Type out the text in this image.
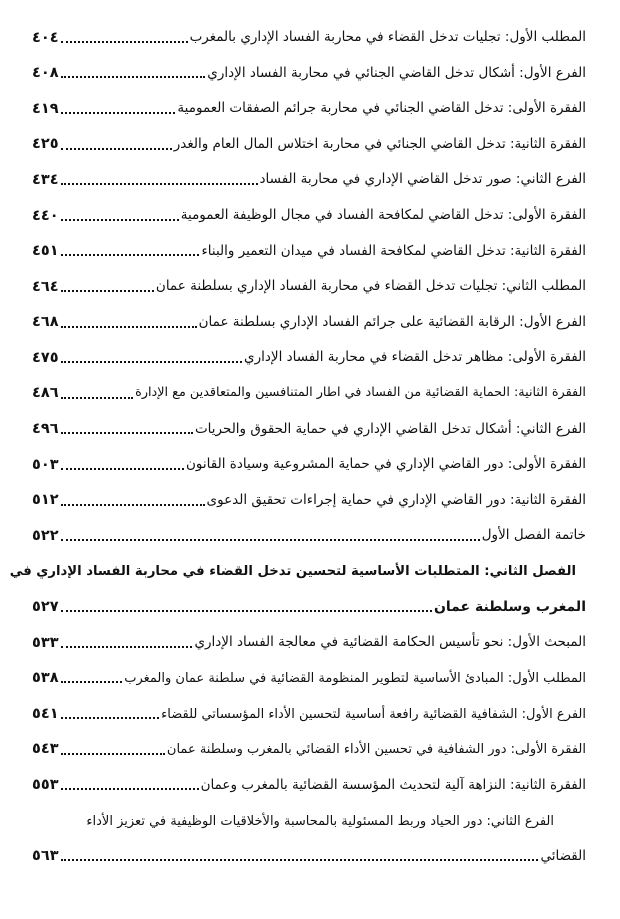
المطلب الأول: تجليات تدخل القضاء في محاربة الفساد الإداري بالمغرب
٤٠٤
الفرع الأول: أشكال تدخل القاضي الجنائي في محاربة الفساد الإداري
٤٠٨
الفقرة الأولى: تدخل القاضي الجنائي في محاربة جرائم الصفقات العمومية
٤١٩
الفقرة الثانية: تدخل القاضي الجنائي في محاربة اختلاس المال العام والغدر
٤٢٥
الفرع الثاني: صور تدخل القاضي الإداري في محاربة الفساد
٤٣٤
الفقرة الأولى: تدخل القاضي لمكافحة الفساد في مجال الوظيفة العمومية
٤٤٠
الفقرة الثانية: تدخل القاضي لمكافحة الفساد في ميدان التعمير والبناء
٤٥١
المطلب الثاني: تجليات تدخل القضاء في محاربة الفساد الإداري بسلطنة عمان
٤٦٤
الفرع الأول: الرقابة القضائية على جرائم الفساد الإداري بسلطنة عمان
٤٦٨
الفقرة الأولى: مظاهر تدخل القضاء في محاربة الفساد الإداري
٤٧٥
الفقرة الثانية: الحماية القضائية من الفساد في اطار المتنافسين والمتعاقدين مع الإدارة
٤٨٦
الفرع الثاني: أشكال تدخل القاضي الإداري في حماية الحقوق والحريات
٤٩٦
الفقرة الأولى: دور القاضي الإداري في حماية المشروعية وسيادة القانون
٥٠٣
الفقرة الثانية: دور القاضي الإداري في حماية إجراءات تحقيق الدعوى
٥١٢
خاتمة الفصل الأول
٥٢٢
الفصل الثاني: المتطلبات الأساسية لتحسين تدخل القضاء في محاربة الفساد الإداري في
المغرب وسلطنة عمان
٥٢٧
المبحث الأول: نحو تأسيس الحكامة القضائية في معالجة الفساد الإداري
٥٣٣
المطلب الأول: المبادئ الأساسية لتطوير المنظومة القضائية في سلطنة عمان والمغرب
٥٣٨
الفرع الأول: الشفافية القضائية رافعة أساسية لتحسين الأداء المؤسساتي للقضاء
٥٤١
الفقرة الأولى: دور الشفافية في تحسين الأداء القضائي بالمغرب وسلطنة عمان
٥٤٣
الفقرة الثانية: النزاهة آلية لتحديث المؤسسة القضائية بالمغرب وعمان
٥٥٣
الفرع الثاني: دور الحياد وربط المسئولية بالمحاسبة والأخلاقيات الوظيفية في تعزيز الأداء
القضائي
٥٦٣
